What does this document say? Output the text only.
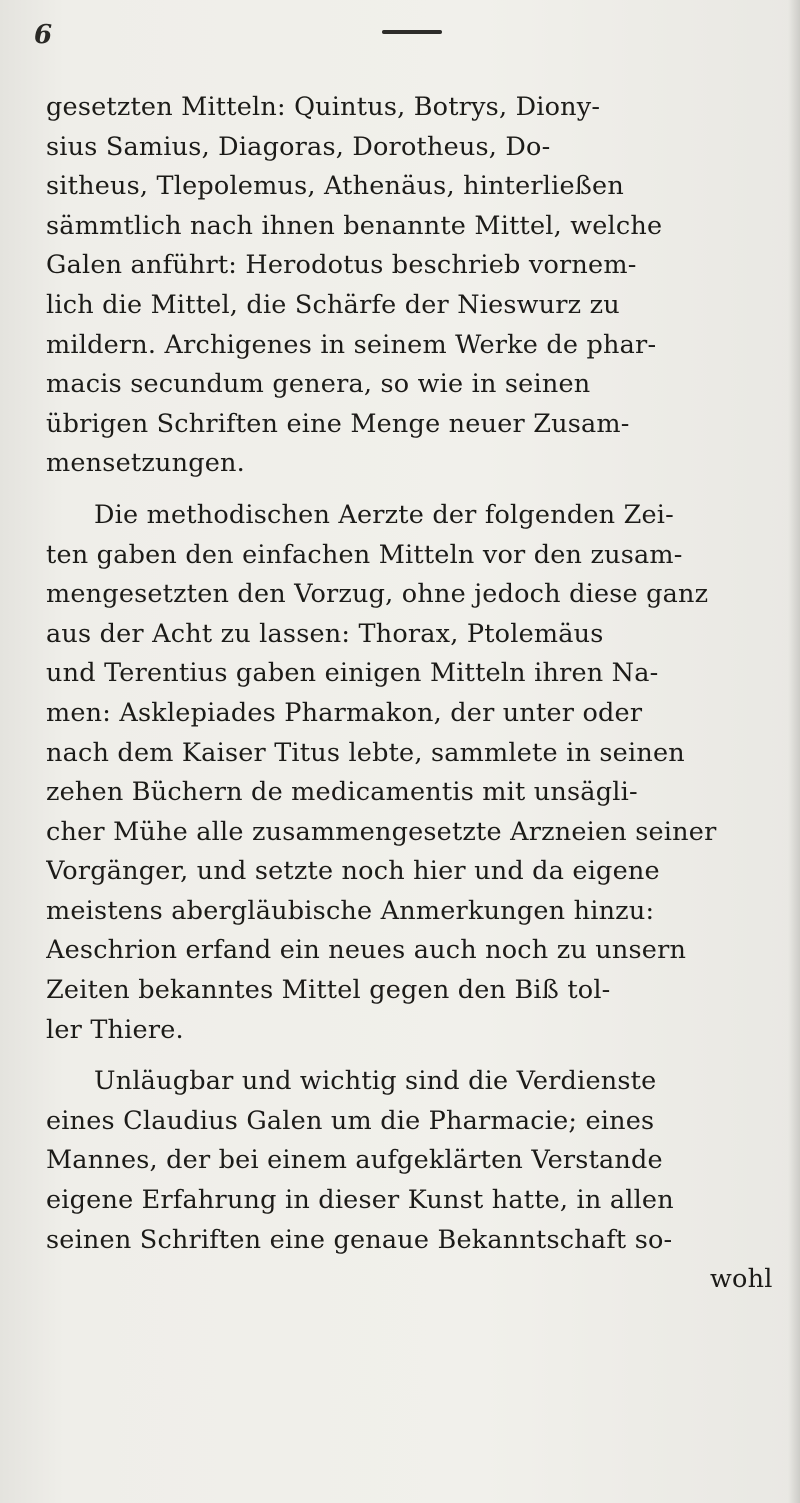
6
gesetzten Mitteln: Quintus, Botrys, Diony-
sius Samius, Diagoras, Dorotheus, Do-
sitheus, Tlepolemus, Athenäus, hinterließen
sämmtlich nach ihnen benannte Mittel, welche
Galen anführt: Herodotus beschrieb vornem-
lich die Mittel, die Schärfe der Nieswurz zu
mildern. Archigenes in seinem Werke de phar-
macis secundum genera, so wie in seinen
übrigen Schriften eine Menge neuer Zusam-
mensetzungen.
Die methodischen Aerzte der folgenden Zei-
ten gaben den einfachen Mitteln vor den zusam-
mengesetzten den Vorzug, ohne jedoch diese ganz
aus der Acht zu lassen: Thorax, Ptolemäus
und Terentius gaben einigen Mitteln ihren Na-
men: Asklepiades Pharmakon, der unter oder
nach dem Kaiser Titus lebte, sammlete in seinen
zehen Büchern de medicamentis mit unsägli-
cher Mühe alle zusammengesetzte Arzneien seiner
Vorgänger, und setzte noch hier und da eigene
meistens abergläubische Anmerkungen hinzu:
Aeschrion erfand ein neues auch noch zu unsern
Zeiten bekanntes Mittel gegen den Biß tol-
ler Thiere.
Unläugbar und wichtig sind die Verdienste
eines Claudius Galen um die Pharmacie; eines
Mannes, der bei einem aufgeklärten Verstande
eigene Erfahrung in dieser Kunst hatte, in allen
seinen Schriften eine genaue Bekanntschaft so-
wohl
